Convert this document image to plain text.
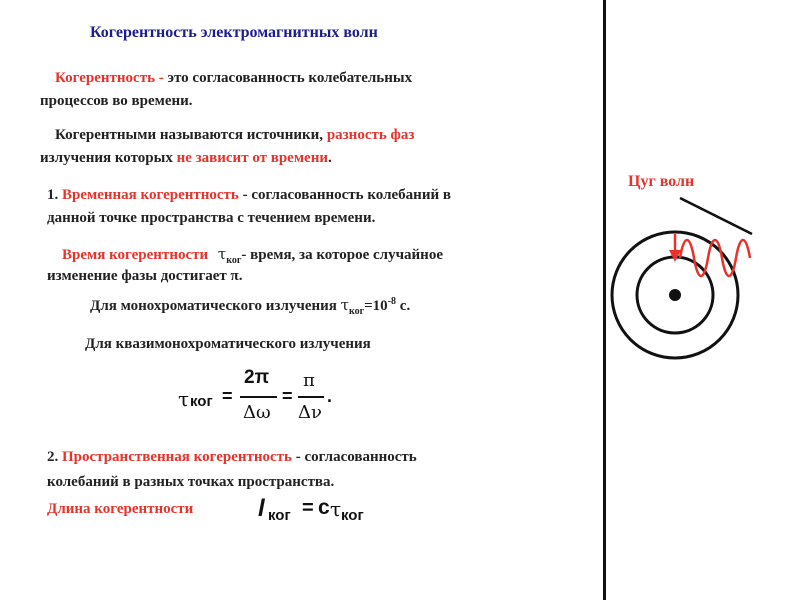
Когерентность электромагнитных волн
Когерентность - это согласованность колебательных
процессов во времени.
Когерентными называются источники, разность фаз
излучения которых не зависит от времени.
1. Временная когерентность - согласованность колебаний в
данной точке пространства с течением времени.
Время когерентности $\tau_{ког}-$ время, за которое случайное
изменение фазы достигает π.
Для монохроматического излучения $\tau_{ког}=10^{-8}$ с.
Для квазимонохроматического излучения
τ ког =
2π
Δω
=
π
Δν
.
2. Пространственная когерентность - согласованность
колебаний в разных точках пространства.
Длина когерентности	l ког = c τ ког
Цуг волн
